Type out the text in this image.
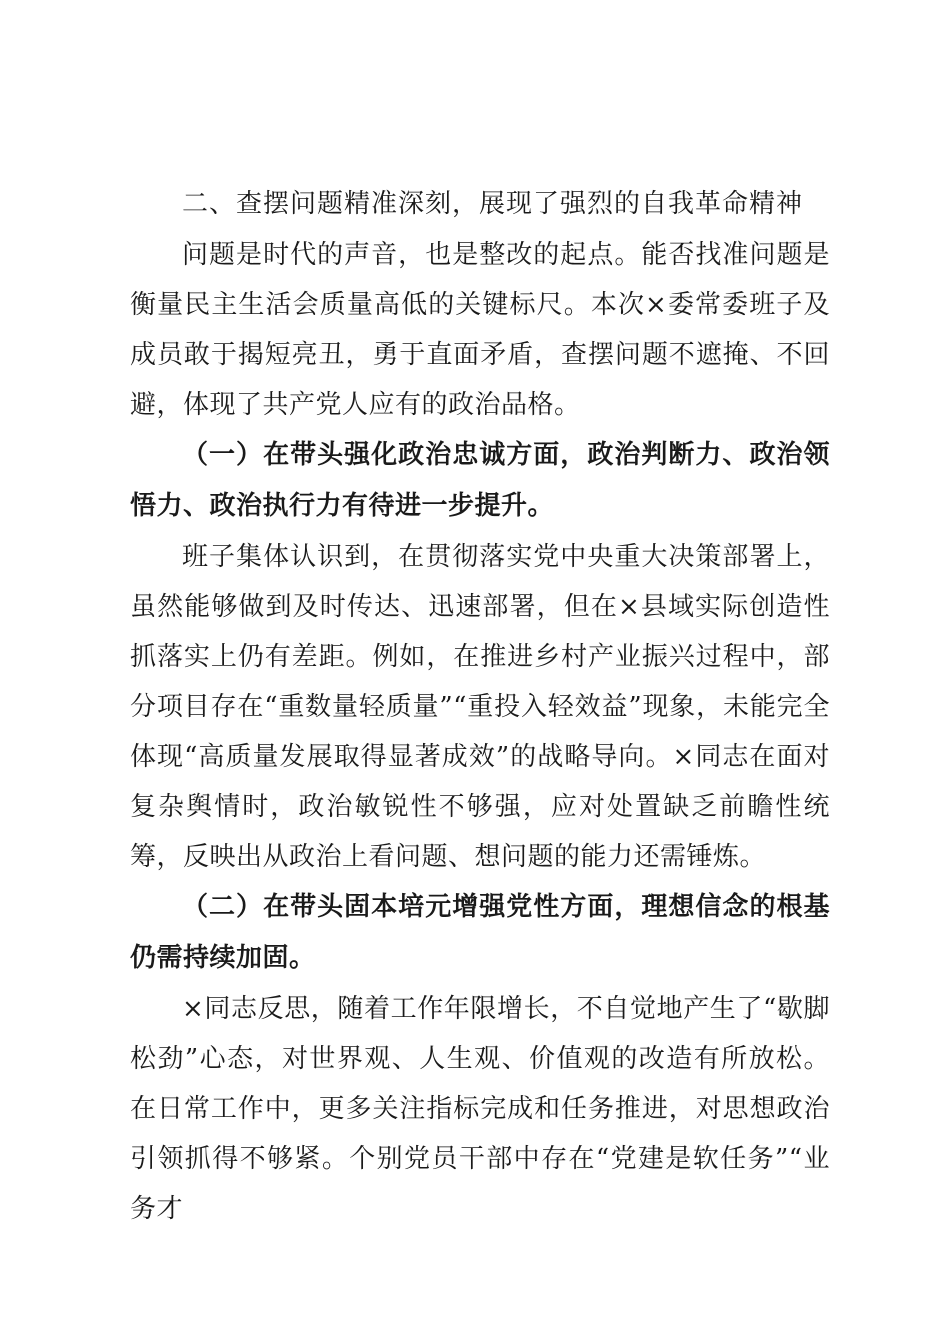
二、查摆问题精准深刻，展现了强烈的自我革命精神

问题是时代的声音，也是整改的起点。能否找准问题是衡量民主生活会质量高低的关键标尺。本次×委常委班子及成员敢于揭短亮丑，勇于直面矛盾，查摆问题不遮掩、不回避，体现了共产党人应有的政治品格。

（一）在带头强化政治忠诚方面，政治判断力、政治领悟力、政治执行力有待进一步提升。

班子集体认识到，在贯彻落实党中央重大决策部署上，虽然能够做到及时传达、迅速部署，但在×县域实际创造性抓落实上仍有差距。例如，在推进乡村产业振兴过程中，部分项目存在“重数量轻质量”“重投入轻效益”现象，未能完全体现“高质量发展取得显著成效”的战略导向。×同志在面对复杂舆情时，政治敏锐性不够强，应对处置缺乏前瞻性统筹，反映出从政治上看问题、想问题的能力还需锤炼。

（二）在带头固本培元增强党性方面，理想信念的根基仍需持续加固。

×同志反思，随着工作年限增长，不自觉地产生了“歇脚松劲”心态，对世界观、人生观、价值观的改造有所放松。在日常工作中，更多关注指标完成和任务推进，对思想政治引领抓得不够紧。个别党员干部中存在“党建是软任务”“业务才
